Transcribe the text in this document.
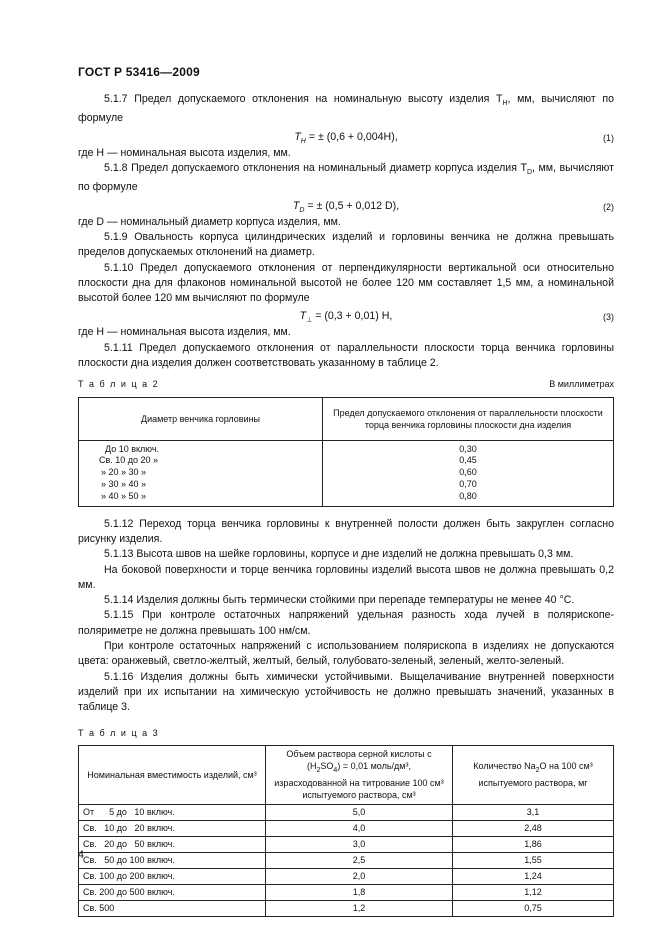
ГОСТ Р 53416—2009

5.1.7 Предел допускаемого отклонения на номинальную высоту изделия $T_H$, мм, вычисляют по формуле

$T_H$ = ± (0,6 + 0,004H),	(1)

где H — номинальная высота изделия, мм.

5.1.8 Предел допускаемого отклонения на номинальный диаметр корпуса изделия $T_D$, мм, вычисляют по формуле

$T_D$ = ± (0,5 + 0,012 D),	(2)

где D — номинальный диаметр корпуса изделия, мм.

5.1.9 Овальность корпуса цилиндрических изделий и горловины венчика не должна превышать пределов допускаемых отклонений на диаметр.

5.1.10 Предел допускаемого отклонения от перпендикулярности вертикальной оси относительно плоскости дна для флаконов номинальной высотой не более 120 мм составляет 1,5 мм, а номинальной высотой более 120 мм вычисляют по формуле

$T_\perp = (0,3 + 0,01)$ H,	(3)

где H — номинальная высота изделия, мм.

5.1.11 Предел допускаемого отклонения от параллельности плоскости торца венчика горловины плоскости дна изделия должен соответствовать указанному в таблице 2.

Т а б л и ц а 2	В миллиметрах
Диаметр венчика горловины	Предел допускаемого отклонения от параллельности плоскости торца венчика горловины плоскости дна изделия
До 10 включ.	0,30
Св. 10 до 20 »	0,45
» 20 » 30 »	0,60
» 30 » 40 »	0,70
» 40 » 50 »	0,80

5.1.12 Переход торца венчика горловины к внутренней полости должен быть закруглен согласно рисунку изделия.

5.1.13 Высота швов на шейке горловины, корпусе и дне изделий не должна превышать 0,3 мм.

На боковой поверхности и торце венчика горловины изделий высота швов не должна превышать 0,2 мм.

5.1.14 Изделия должны быть термически стойкими при перепаде температуры не менее 40 °С.

5.1.15 При контроле остаточных напряжений удельная разность хода лучей в полярископе-поляриметре не должна превышать 100 нм/см.

При контроле остаточных напряжений с использованием полярископа в изделиях не допускаются цвета: оранжевый, светло-желтый, желтый, белый, голубовато-зеленый, зеленый, желто-зеленый.

5.1.16 Изделия должны быть химически устойчивыми. Выщелачивание внутренней поверхности изделий при их испытании на химическую устойчивость не должно превышать значений, указанных в таблице 3.

Т а б л и ц а 3
Номинальная вместимость изделий, см³	Объем раствора серной кислоты c $(H_2SO_4) = 0,01$ моль/дм³, израсходованной на титрование 100 см³ испытуемого раствора, см³	Количество $Na_2O$ на 100 см³ испытуемого раствора, мг
От      5 до   10 включ.	5,0	3,1
Св.   10 до   20 включ.	4,0	2,48
Св.   20 до   50 включ.	3,0	1,86
Св.   50 до 100 включ.	2,5	1,55
Св. 100 до 200 включ.	2,0	1,24
Св. 200 до 500 включ.	1,8	1,12
Св. 500	1,2	0,75
4
